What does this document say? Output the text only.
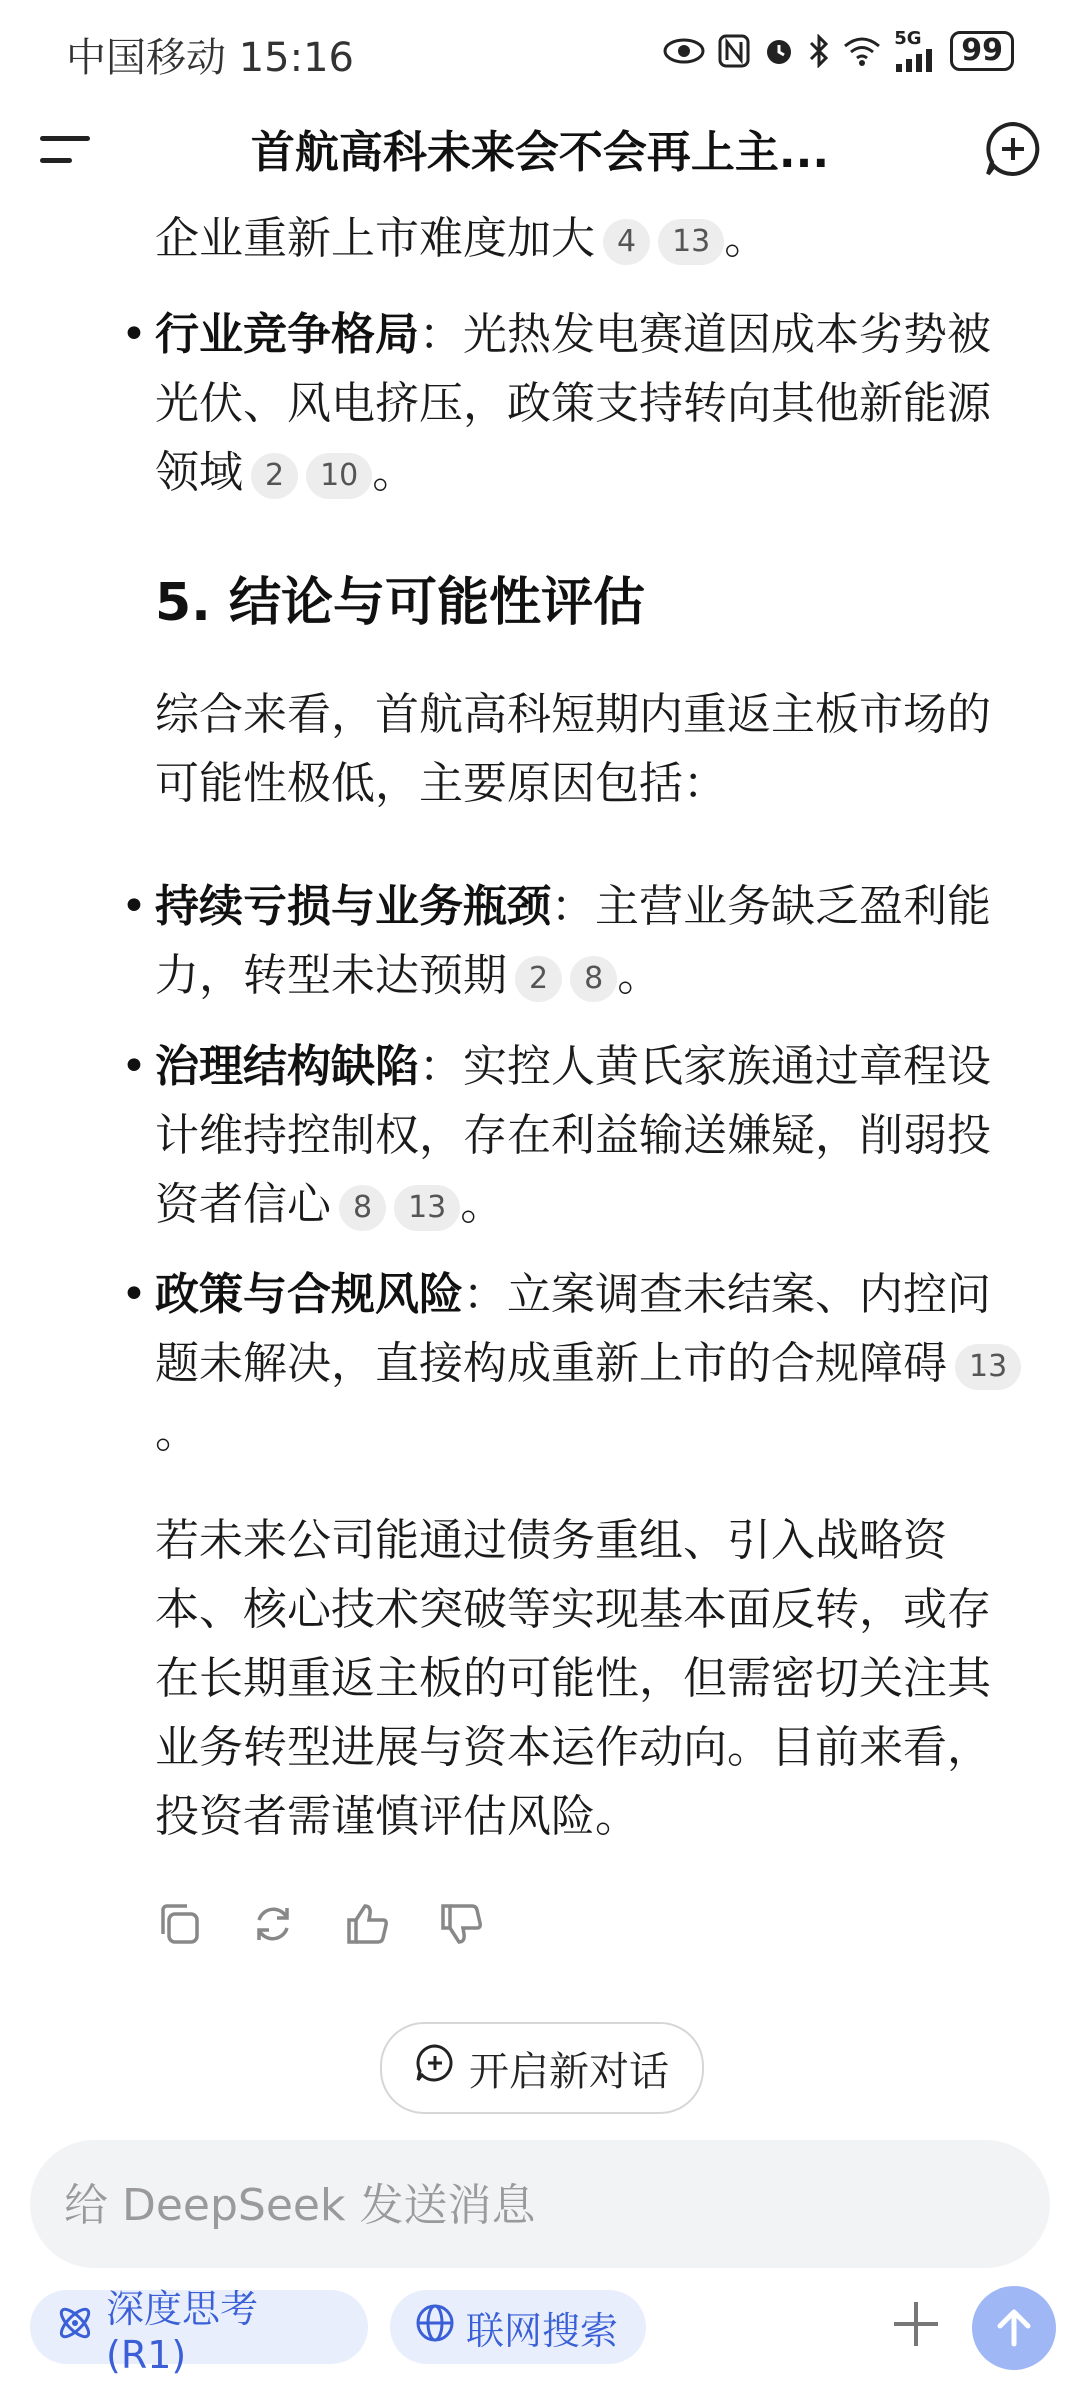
中国移动 15:16	5G	99
首航高科未来会不会再上主...
企业重新上市难度加大 4 13 。
• 行业竞争格局：光热发电赛道因成本劣势被光伏、风电挤压，政策支持转向其他新能源领域 2 10 。
5. 结论与可能性评估
综合来看，首航高科短期内重返主板市场的可能性极低，主要原因包括：
• 持续亏损与业务瓶颈：主营业务缺乏盈利能力，转型未达预期 2 8 。
• 治理结构缺陷：实控人黄氏家族通过章程设计维持控制权，存在利益输送嫌疑，削弱投资者信心 8 13 。
• 政策与合规风险：立案调查未结案、内控问题未解决，直接构成重新上市的合规障碍 13。
若未来公司能通过债务重组、引入战略资本、核心技术突破等实现基本面反转，或存在长期重返主板的可能性，但需密切关注其业务转型进展与资本运作动向。目前来看，投资者需谨慎评估风险。
开启新对话
给 DeepSeek 发送消息
深度思考 (R1)
联网搜索
